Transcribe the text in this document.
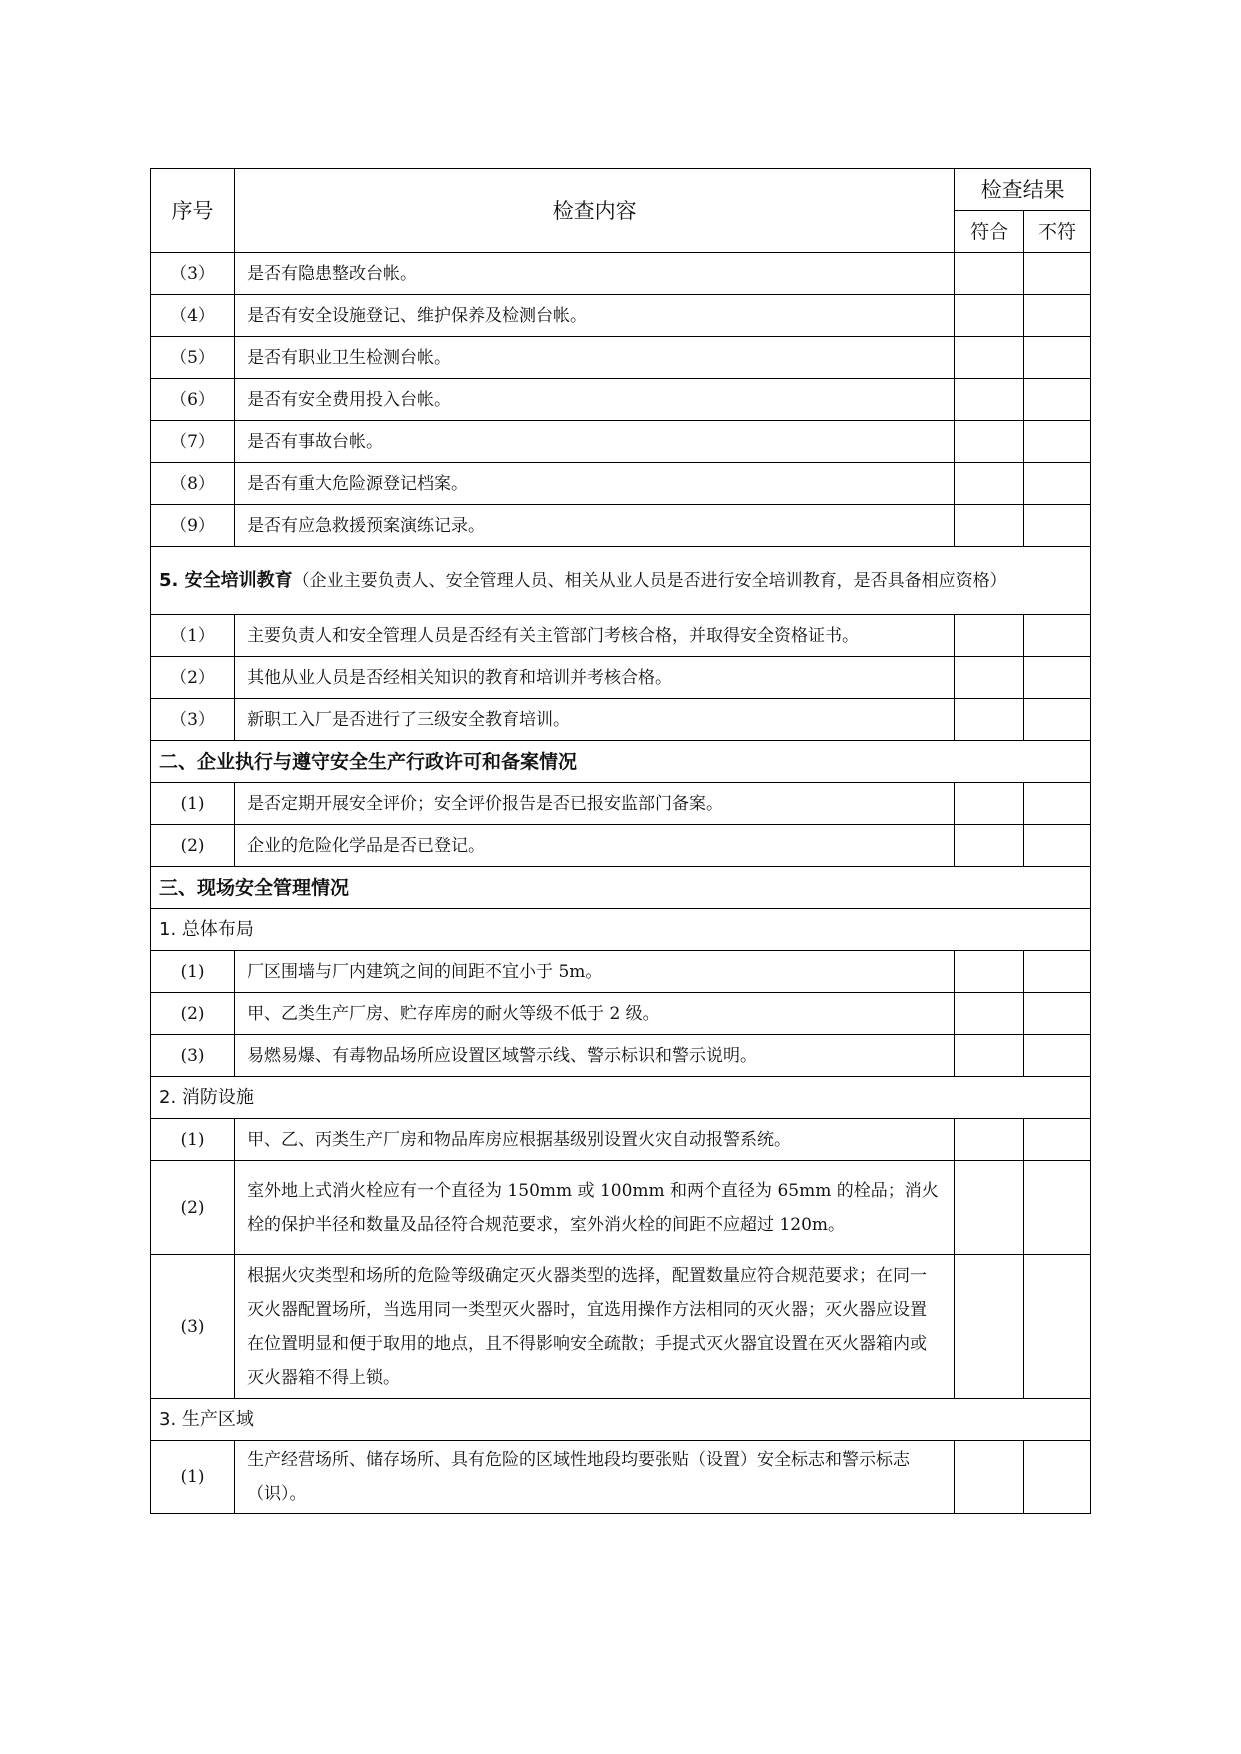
序号	检查内容	检查结果	
		符合	不符
（3）	是否有隐患整改台帐。		
（4）	是否有安全设施登记、维护保养及检测台帐。		
（5）	是否有职业卫生检测台帐。		
（6）	是否有安全费用投入台帐。		
（7）	是否有事故台帐。		
（8）	是否有重大危险源登记档案。		
（9）	是否有应急救援预案演练记录。		
5. 安全培训教育（企业主要负责人、安全管理人员、相关从业人员是否进行安全培训教育，是否具备相应资格）			
（1）	主要负责人和安全管理人员是否经有关主管部门考核合格，并取得安全资格证书。		
（2）	其他从业人员是否经相关知识的教育和培训并考核合格。		
（3）	新职工入厂是否进行了三级安全教育培训。		
二、企业执行与遵守安全生产行政许可和备案情况			
(1)	是否定期开展安全评价；安全评价报告是否已报安监部门备案。		
(2)	企业的危险化学品是否已登记。		
三、现场安全管理情况			
1. 总体布局			
(1)	厂区围墙与厂内建筑之间的间距不宜小于 5m。		
(2)	甲、乙类生产厂房、贮存库房的耐火等级不低于 2 级。		
(3)	易燃易爆、有毒物品场所应设置区域警示线、警示标识和警示说明。		
2. 消防设施			
(1)	甲、乙、丙类生产厂房和物品库房应根据基级别设置火灾自动报警系统。		
(2)	室外地上式消火栓应有一个直径为 150mm 或 100mm 和两个直径为 65mm 的栓品；消火栓的保护半径和数量及品径符合规范要求，室外消火栓的间距不应超过 120m。		
(3)	根据火灾类型和场所的危险等级确定灭火器类型的选择，配置数量应符合规范要求；在同一灭火器配置场所，当选用同一类型灭火器时，宜选用操作方法相同的灭火器；灭火器应设置在位置明显和便于取用的地点，且不得影响安全疏散；手提式灭火器宜设置在灭火器箱内或灭火器箱不得上锁。		
3. 生产区域			
(1)	生产经营场所、储存场所、具有危险的区域性地段均要张贴（设置）安全标志和警示标志（识）。		
